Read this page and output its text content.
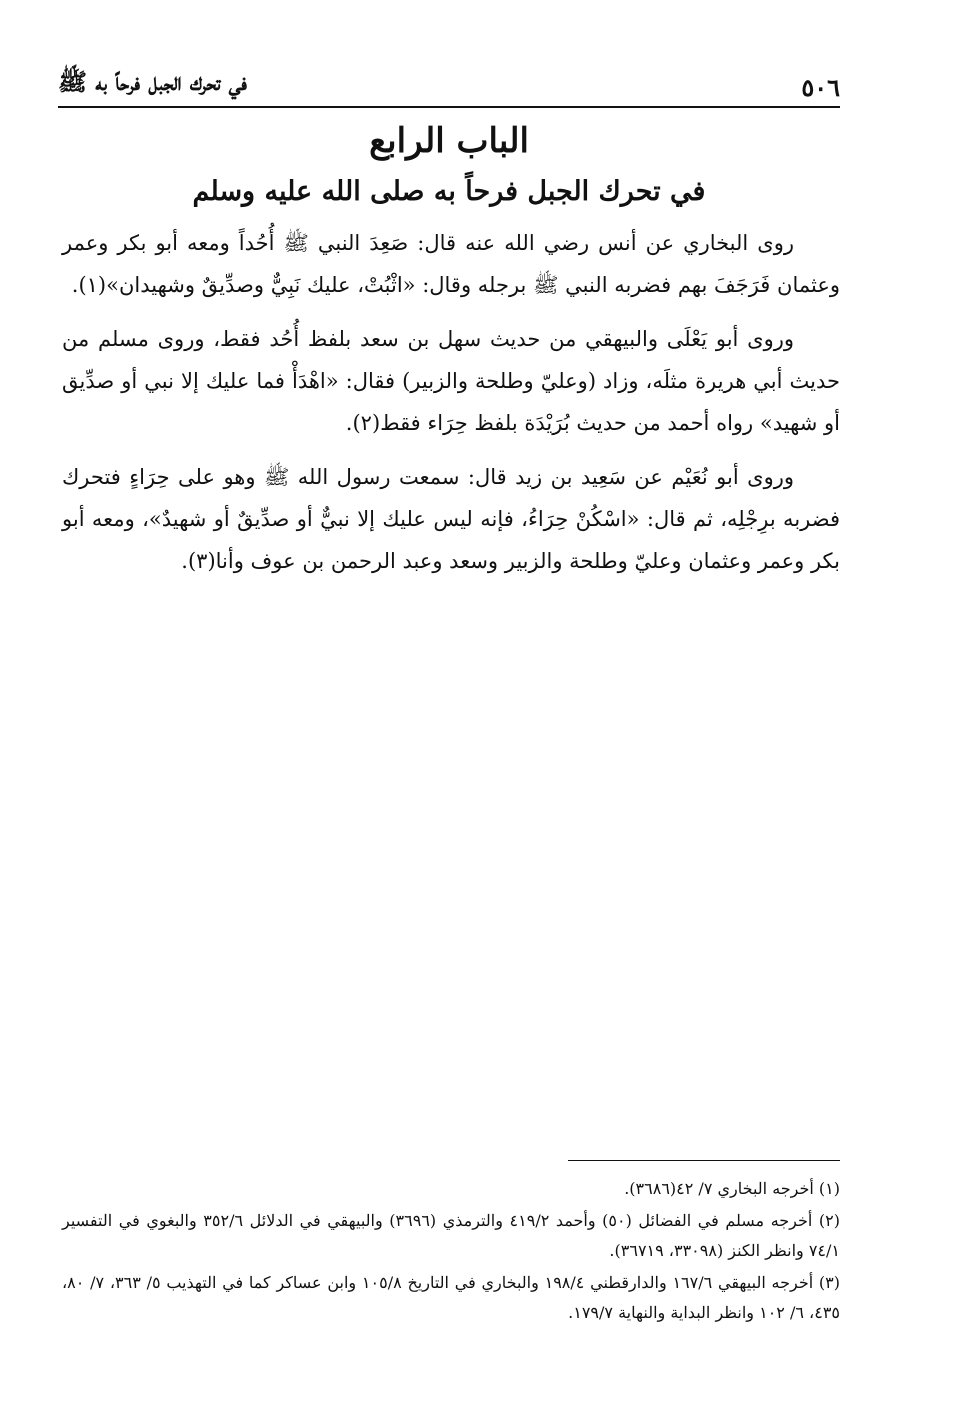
٥٠٦
في تحرك الجبل فرحاً به ﷺ
الباب الرابع
في تحرك الجبل فرحاً به صلى الله عليه وسلم

روى البخاري عن أنس رضي الله عنه قال: صَعِدَ النبي ﷺ أُحُداً ومعه أبو بكر وعمر وعثمان فَرَجَفَ بهم فضربه النبي ﷺ برجله وقال: «اثْبُتْ، عليك نَبِيٌّ وصدِّيقٌ وشهيدان»(١).

وروى أبو يَعْلَى والبيهقي من حديث سهل بن سعد بلفظ أُحُد فقط، وروى مسلم من حديث أبي هريرة مثلَه، وزاد (وعليّ وطلحة والزبير) فقال: «اهْدَأْ فما عليك إلا نبي أو صدِّيق أو شهيد» رواه أحمد من حديث بُرَيْدَة بلفظ حِرَاء فقط(٢).

وروى أبو نُعَيْم عن سَعِيد بن زيد قال: سمعت رسول الله ﷺ وهو على حِرَاءٍ فتحرك فضربه برِجْلِه، ثم قال: «اسْكُنْ حِرَاءُ، فإنه ليس عليك إلا نبيٌّ أو صدِّيقٌ أو شهيدٌ»، ومعه أبو بكر وعمر وعثمان وعليّ وطلحة والزبير وسعد وعبد الرحمن بن عوف وأنا(٣).

(١) أخرجه البخاري ٧/ ٤٢(٣٦٨٦).

(٢) أخرجه مسلم في الفضائل (٥٠) وأحمد ٤١٩/٢ والترمذي (٣٦٩٦) والبيهقي في الدلائل ٣٥٢/٦ والبغوي في التفسير ٧٤/١ وانظر الكنز (٣٣٠٩٨، ٣٦٧١٩).

(٣) أخرجه البيهقي ١٦٧/٦ والدارقطني ١٩٨/٤ والبخاري في التاريخ ١٠٥/٨ وابن عساكر كما في التهذيب ٥/ ٣٦٣، ٧/ ٨٠، ٤٣٥، ٦/ ١٠٢ وانظر البداية والنهاية ١٧٩/٧.
